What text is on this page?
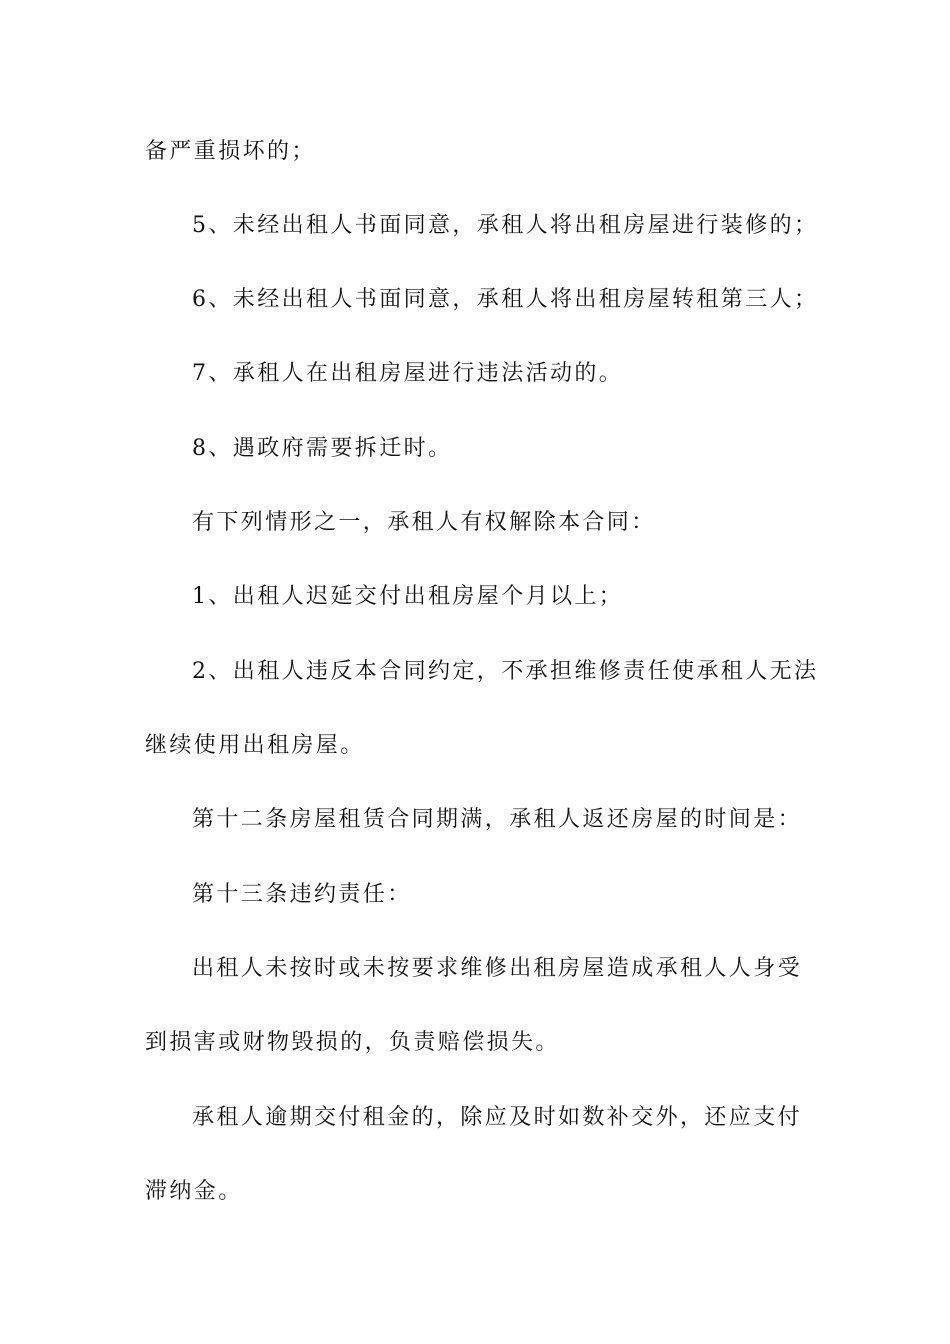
备严重损坏的；
5、未经出租人书面同意，承租人将出租房屋进行装修的；
6、未经出租人书面同意，承租人将出租房屋转租第三人；
7、承租人在出租房屋进行违法活动的。
8、遇政府需要拆迁时。
有下列情形之一，承租人有权解除本合同：
1、出租人迟延交付出租房屋个月以上；
2、出租人违反本合同约定，不承担维修责任使承租人无法
继续使用出租房屋。
第十二条房屋租赁合同期满，承租人返还房屋的时间是：
第十三条违约责任：
出租人未按时或未按要求维修出租房屋造成承租人人身受
到损害或财物毁损的，负责赔偿损失。
承租人逾期交付租金的，除应及时如数补交外，还应支付
滞纳金。
